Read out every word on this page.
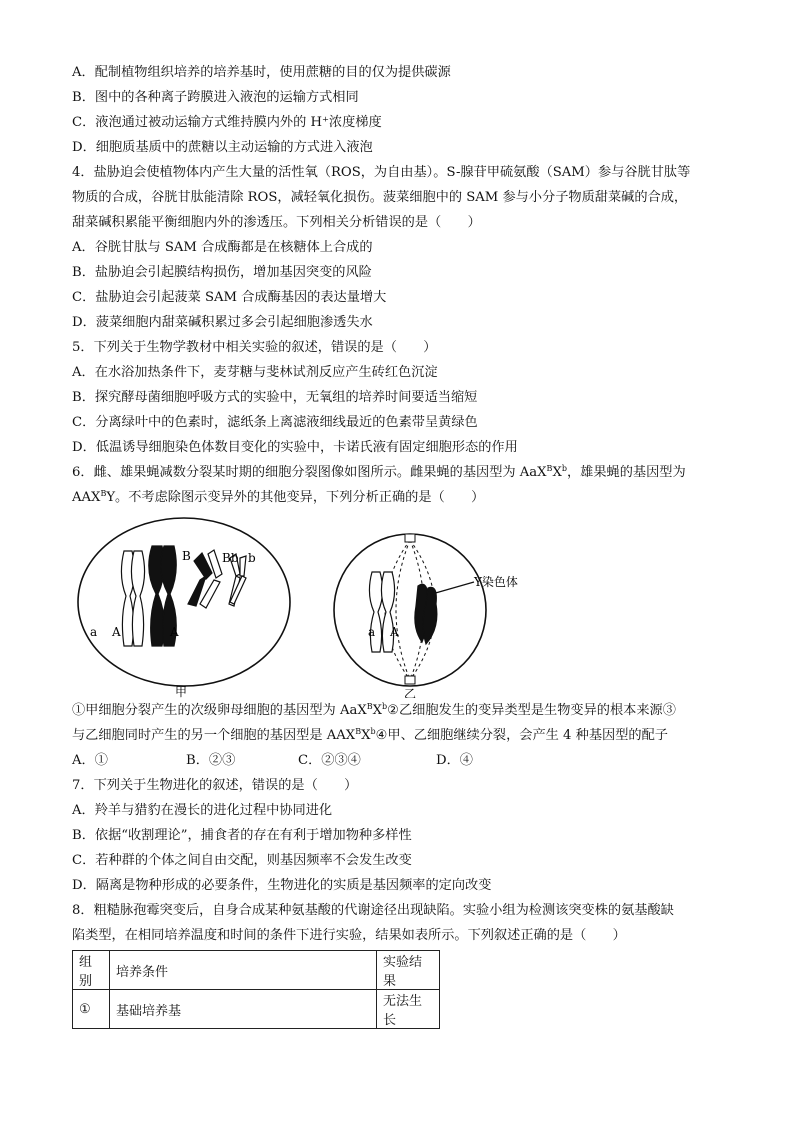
A．配制植物组织培养的培养基时，使用蔗糖的目的仅为提供碳源
B．图中的各种离子跨膜进入液泡的运输方式相同
C．液泡通过被动运输方式维持膜内外的 H⁺浓度梯度
D．细胞质基质中的蔗糖以主动运输的方式进入液泡
4．盐胁迫会使植物体内产生大量的活性氧（ROS，为自由基）。S-腺苷甲硫氨酸（SAM）参与谷胱甘肽等
物质的合成，谷胱甘肽能清除 ROS，减轻氧化损伤。菠菜细胞中的 SAM 参与小分子物质甜菜碱的合成，
甜菜碱积累能平衡细胞内外的渗透压。下列相关分析错误的是（　　）
A．谷胱甘肽与 SAM 合成酶都是在核糖体上合成的
B．盐胁迫会引起膜结构损伤，增加基因突变的风险
C．盐胁迫会引起菠菜 SAM 合成酶基因的表达量增大
D．菠菜细胞内甜菜碱积累过多会引起细胞渗透失水
5．下列关于生物学教材中相关实验的叙述，错误的是（　　）
A．在水浴加热条件下，麦芽糖与斐林试剂反应产生砖红色沉淀
B．探究酵母菌细胞呼吸方式的实验中，无氧组的培养时间要适当缩短
C．分离绿叶中的色素时，滤纸条上离滤液细线最近的色素带呈黄绿色
D．低温诱导细胞染色体数目变化的实验中，卡诺氏液有固定细胞形态的作用
6．雌、雄果蝇减数分裂某时期的细胞分裂图像如图所示。雌果蝇的基因型为 $AaX^BX^b$，雄果蝇的基因型为
$AAX^BY$。不考虑除图示变异外的其他变异，下列分析正确的是（　　）
a A	A
B	Bb b
甲
Y染色体
a A
乙
①甲细胞分裂产生的次级卵母细胞的基因型为 $AaX^BX^b②$乙细胞发生的变异类型是生物变异的根本来源③
与乙细胞同时产生的另一个细胞的基因型是 $AAX^BX^b④$甲、乙细胞继续分裂，会产生 4 种基因型的配子
A．①	B．②③	C．②③④	D．④
7．下列关于生物进化的叙述，错误的是（　　）
A．羚羊与猎豹在漫长的进化过程中协同进化
B．依据“收割理论”，捕食者的存在有利于增加物种多样性
C．若种群的个体之间自由交配，则基因频率不会发生改变
D．隔离是物种形成的必要条件，生物进化的实质是基因频率的定向改变
8．粗糙脉孢霉突变后，自身合成某种氨基酸的代谢途径出现缺陷。实验小组为检测该突变株的氨基酸缺
陷类型，在相同培养温度和时间的条件下进行实验，结果如表所示。下列叙述正确的是（　　）
组别	培养条件	实验结果
①	基础培养基	无法生长
